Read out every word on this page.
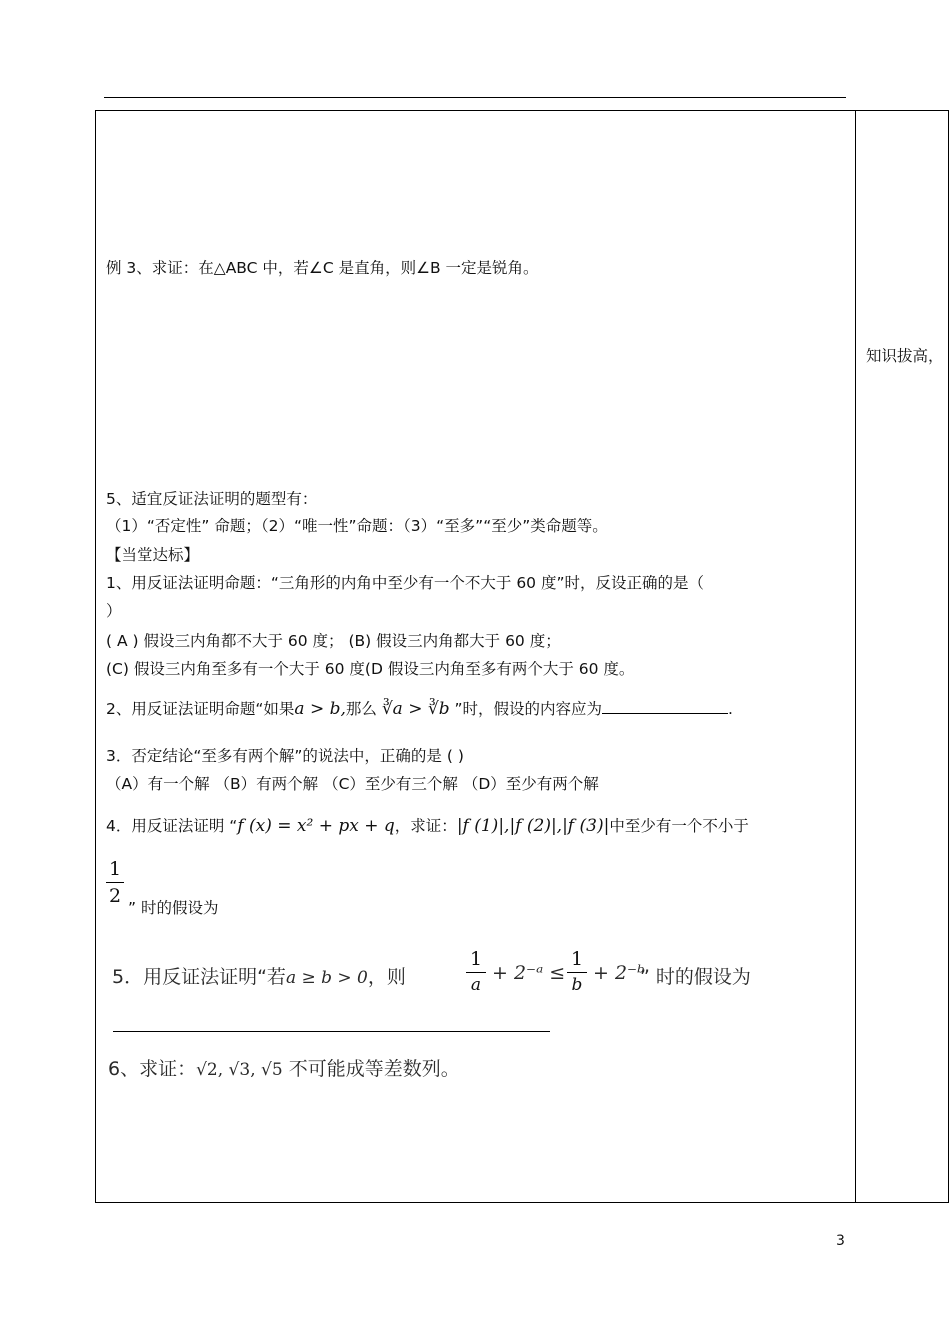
例 3、求证：在△ABC 中，若∠C 是直角，则∠B 一定是锐角。
知识拔高，
5、适宜反证法证明的题型有：
（1）“否定性” 命题；（2）“唯一性”命题：（3）“至多”“至少”类命题等。
【当堂达标】
1、用反证法证明命题：“三角形的内角中至少有一个不大于 60 度”时，反设正确的是（
）
( A ) 假设三内角都不大于 60 度； (B) 假设三内角都大于 60 度；
(C) 假设三内角至多有一个大于 60 度(D 假设三内角至多有两个大于 60 度。
2、用反证法证明命题“如果a > b,那么 ∛a > ∛b ”时，假设的内容应为	.
3．否定结论“至多有两个解”的说法中，正确的是 ( )
（A）有一个解 （B）有两个解 （C）至少有三个解 （D）至少有两个解
4．用反证法证明 “f (x) = x² + px + q，求证：|f (1)|,|f (2)|,|f (3)|中至少有一个不小于
1
2
” 时的假设为
5．用反证法证明“若a ≥ b > 0，则
1
a
+ 2⁻ᵃ ≤
1
b
+ 2⁻ᵇ
” 时的假设为
6、求证：√2, √3, √5 不可能成等差数列。
3
